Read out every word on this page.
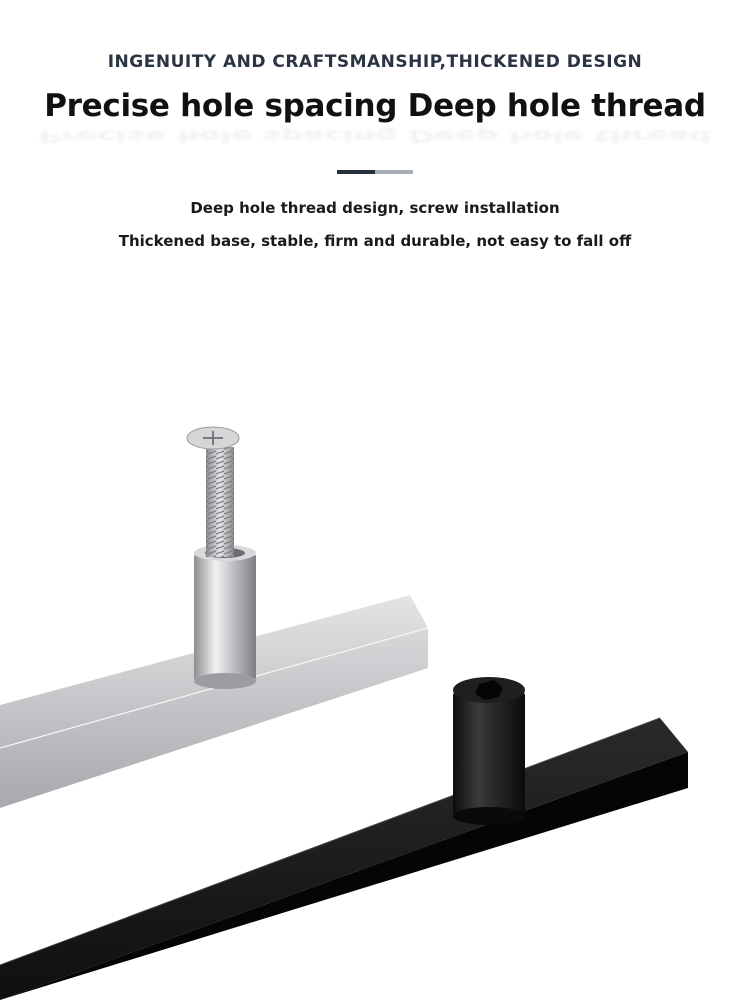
INGENUITY AND CRAFTSMANSHIP,THICKENED DESIGN
Precise hole spacing Deep hole thread
Precise hole spacing Deep hole thread
Deep hole thread design, screw installation
Thickened base, stable, firm and durable, not easy to fall off
